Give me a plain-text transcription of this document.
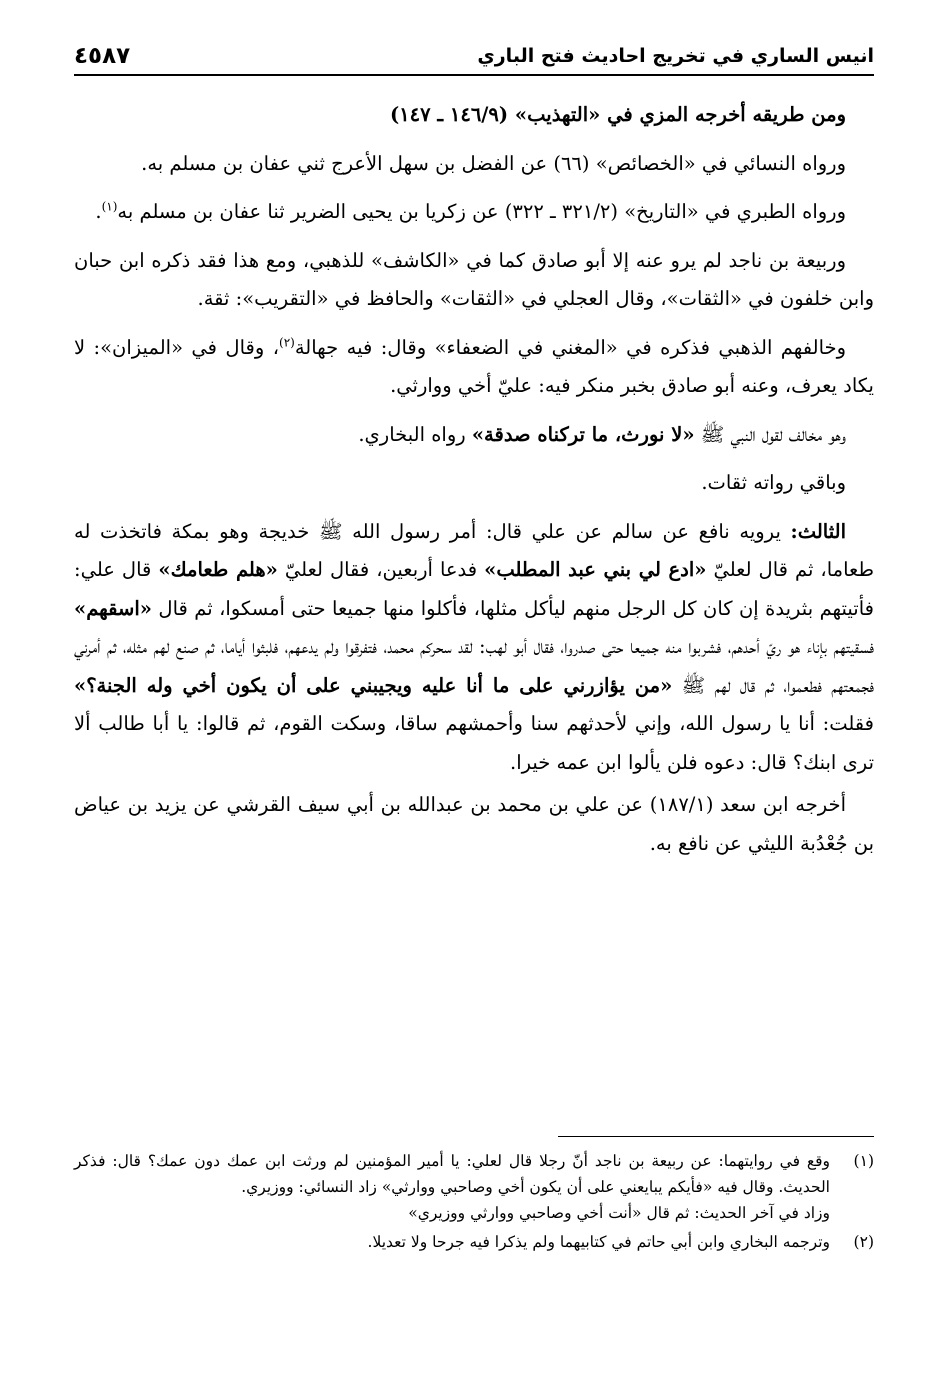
٤٥٨٧	انيس الساري في تخريج احاديث فتح الباري

ومن طريقه أخرجه المزي في «التهذيب» (١٤٦/٩ ـ ١٤٧)

ورواه النسائي في «الخصائص» (٦٦) عن الفضل بن سهل الأعرج ثني عفان بن مسلم به.

ورواه الطبري في «التاريخ» (٣٢١/٢ ـ ٣٢٢) عن زكريا بن يحيى الضرير ثنا عفان بن مسلم به$^{(١)}$.

وربيعة بن ناجد لم يرو عنه إلا أبو صادق كما في «الكاشف» للذهبي، ومع هذا فقد ذكره ابن حبان وابن خلفون في «الثقات»، وقال العجلي في «الثقات» والحافظ في «التقريب»: ثقة.

وخالفهم الذهبي فذكره في «المغني في الضعفاء» وقال: فيه جهالة$^{(٢)}$، وقال في «الميزان»: لا يكاد يعرف، وعنه أبو صادق بخبر منكر فيه: عليّ أخي ووارثي.

وهو مخالف لقول النبي ﷺ «لا نورث، ما تركناه صدقة» رواه البخاري.

وباقي رواته ثقات.

الثالث: يرويه نافع عن سالم عن علي قال: أمر رسول الله ﷺ خديجة وهو بمكة فاتخذت له طعاما، ثم قال لعليّ «ادع لي بني عبد المطلب» فدعا أربعين، فقال لعليّ «هلم طعامك» قال علي: فأتيتهم بثريدة إن كان كل الرجل منهم ليأكل مثلها، فأكلوا منها جميعا حتى أمسكوا، ثم قال «اسقهم» فسقيتهم بإناء هو ريّ أحدهم، فشربوا منه جميعا حتى صدروا، فقال أبو لهب: لقد سحركم محمد، فتفرقوا ولم يدعهم، فلبثوا أياما، ثم صنع لهم مثله، ثم أمرني فجمعتهم فطعموا، ثم قال لهم ﷺ «من يؤازرني على ما أنا عليه ويجيبني على أن يكون أخي وله الجنة؟» فقلت: أنا يا رسول الله، وإني لأحدثهم سنا وأحمشهم ساقا، وسكت القوم، ثم قالوا: يا أبا طالب ألا ترى ابنك؟ قال: دعوه فلن يألوا ابن عمه خيرا.

أخرجه ابن سعد (١٨٧/١) عن علي بن محمد بن عبدالله بن أبي سيف القرشي عن يزيد بن عياض بن جُعْدُبة الليثي عن نافع به.

(١)
وقع في روايتهما: عن ربيعة بن ناجد أنّ رجلا قال لعلي: يا أمير المؤمنين لم ورثت ابن عمك دون عمك؟ قال: فذكر الحديث. وقال فيه «فأيكم يبايعني على أن يكون أخي وصاحبي ووارثي» زاد النسائي: ووزيري.
وزاد في آخر الحديث: ثم قال «أنت أخي وصاحبي ووارثي ووزيري»
(٢)
وترجمه البخاري وابن أبي حاتم في كتابيهما ولم يذكرا فيه جرحا ولا تعديلا.
